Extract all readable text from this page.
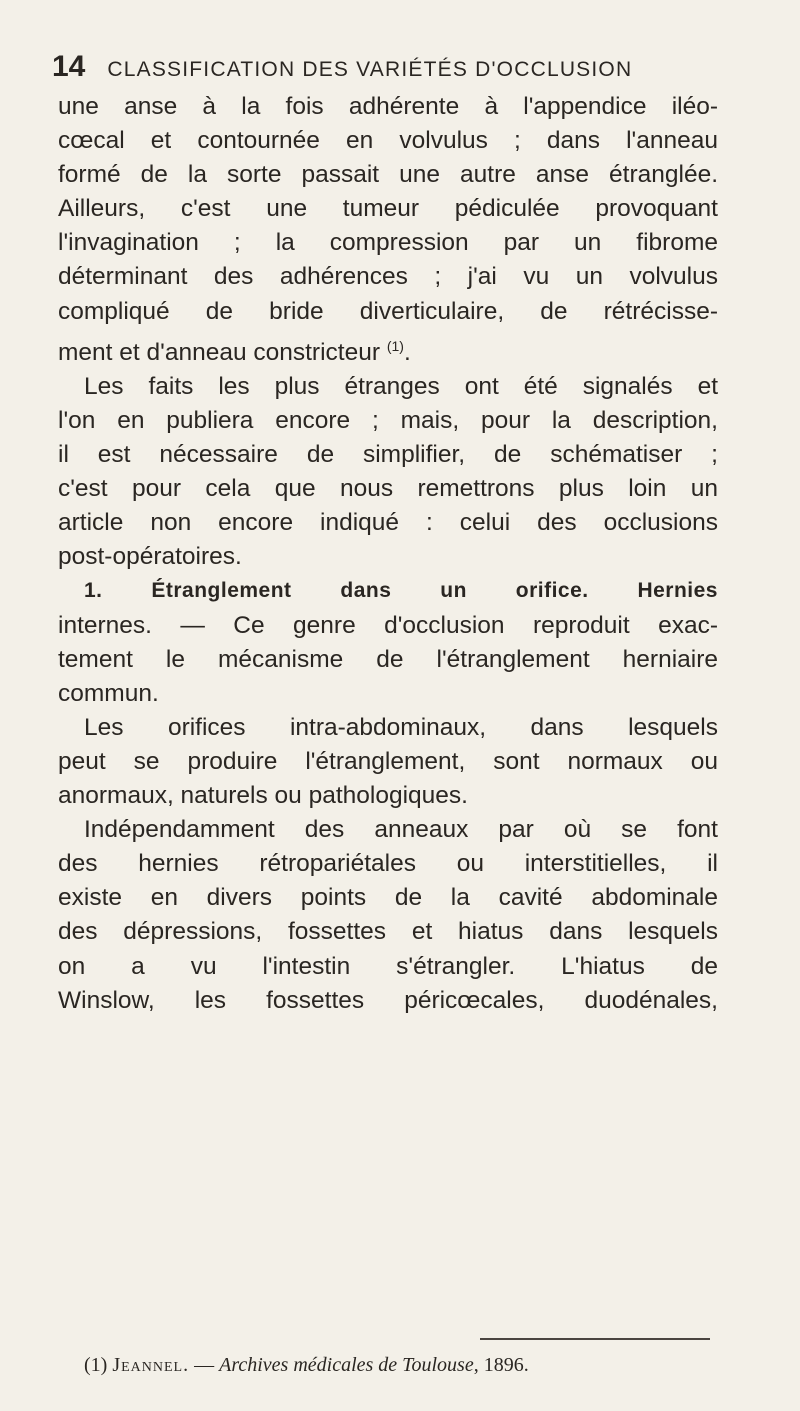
14 CLASSIFICATION DES VARIÉTÉS D'OCCLUSION
une anse à la fois adhérente à l'appendice iléo-
cœcal et contournée en volvulus ; dans l'anneau
formé de la sorte passait une autre anse étranglée.
Ailleurs, c'est une tumeur pédiculée provoquant
l'invagination ; la compression par un fibrome
déterminant des adhérences ; j'ai vu un volvulus
compliqué de bride diverticulaire, de rétrécisse-
ment et d'anneau constricteur $^{(1)}$.
Les faits les plus étranges ont été signalés et
l'on en publiera encore ; mais, pour la description,
il est nécessaire de simplifier, de schématiser ;
c'est pour cela que nous remettrons plus loin un
article non encore indiqué : celui des occlusions
post-opératoires.
1. Étranglement dans un orifice. Hernies
internes. — Ce genre d'occlusion reproduit exac-
tement le mécanisme de l'étranglement herniaire
commun.
Les orifices intra-abdominaux, dans lesquels
peut se produire l'étranglement, sont normaux ou
anormaux, naturels ou pathologiques.
Indépendamment des anneaux par où se font
des hernies rétropariétales ou interstitielles, il
existe en divers points de la cavité abdominale
des dépressions, fossettes et hiatus dans lesquels
on a vu l'intestin s'étrangler. L'hiatus de
Winslow, les fossettes péricœcales, duodénales,
(1) Jeannel. — Archives médicales de Toulouse, 1896.
